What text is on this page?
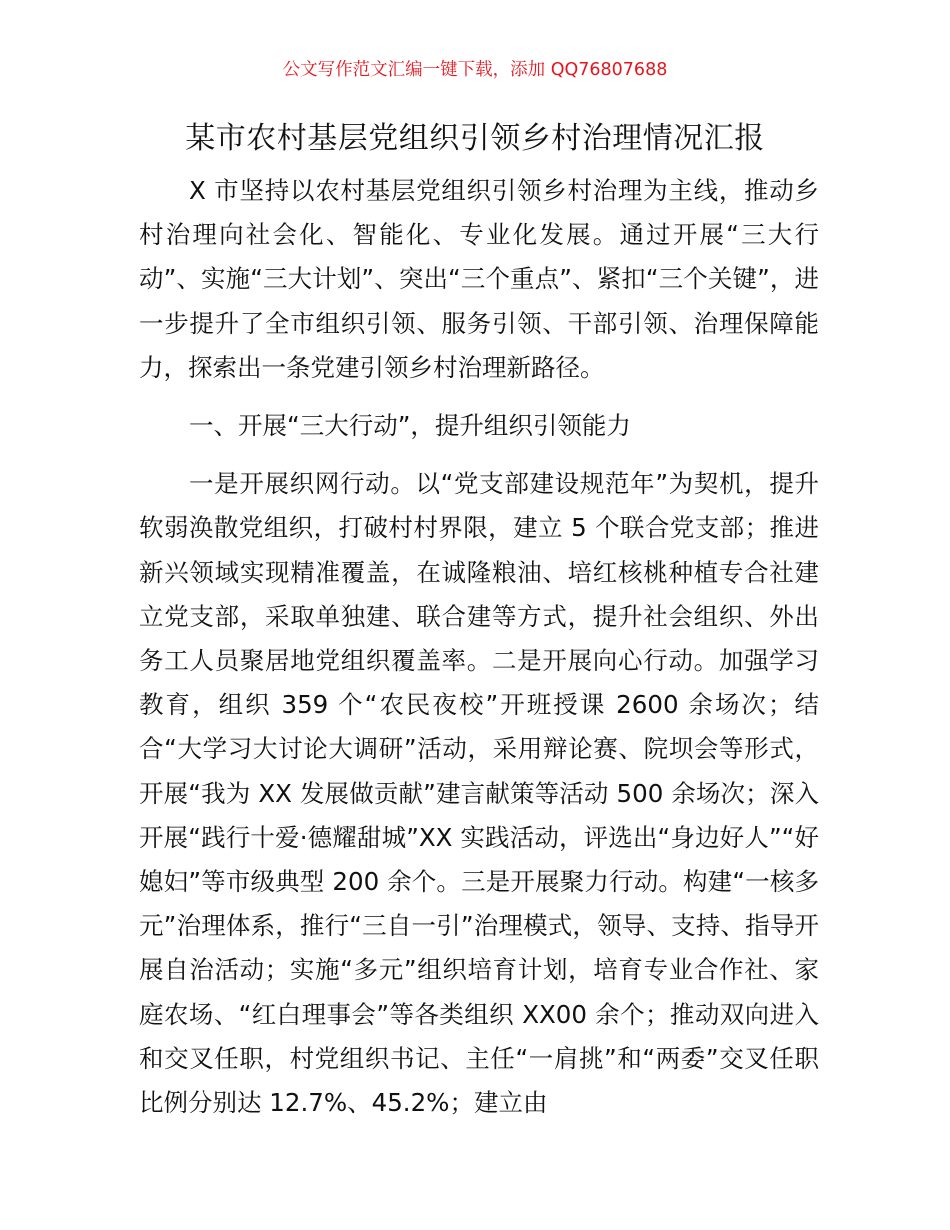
公文写作范文汇编一键下载，添加 QQ76807688
某市农村基层党组织引领乡村治理情况汇报

X 市坚持以农村基层党组织引领乡村治理为主线，推动乡村治理向社会化、智能化、专业化发展。通过开展“三大行动”、实施“三大计划”、突出“三个重点”、紧扣“三个关键”，进一步提升了全市组织引领、服务引领、干部引领、治理保障能力，探索出一条党建引领乡村治理新路径。

一、开展“三大行动”，提升组织引领能力

一是开展织网行动。以“党支部建设规范年”为契机，提升软弱涣散党组织，打破村村界限，建立 5 个联合党支部；推进新兴领域实现精准覆盖，在诚隆粮油、培红核桃种植专合社建立党支部，采取单独建、联合建等方式，提升社会组织、外出务工人员聚居地党组织覆盖率。二是开展向心行动。加强学习教育，组织 359 个“农民夜校”开班授课 2600 余场次；结合“大学习大讨论大调研”活动，采用辩论赛、院坝会等形式，开展“我为 XX 发展做贡献”建言献策等活动 500 余场次；深入开展“践行十爱·德耀甜城”XX 实践活动，评选出“身边好人”“好媳妇”等市级典型 200 余个。三是开展聚力行动。构建“一核多元”治理体系，推行“三自一引”治理模式，领导、支持、指导开展自治活动；实施“多元”组织培育计划，培育专业合作社、家庭农场、“红白理事会”等各类组织 XX00 余个；推动双向进入和交叉任职，村党组织书记、主任“一肩挑”和“两委”交叉任职比例分别达 12.7%、45.2%；建立由
